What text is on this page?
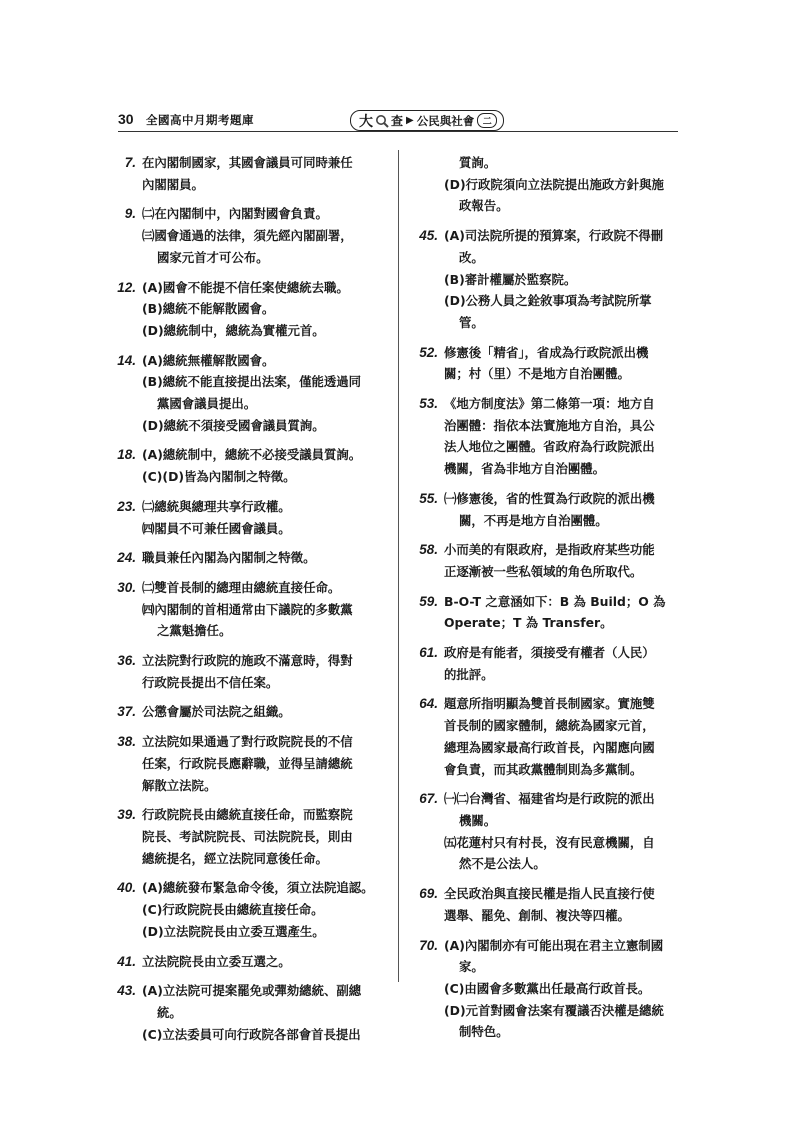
30 全國高中月期考題庫	大 查 ▶ 公民與社會 二
7. 在內閣制國家，其國會議員可同時兼任
內閣閣員。
9. ㈡在內閣制中，內閣對國會負責。
㈢國會通過的法律，須先經內閣副署，
國家元首才可公布。
12. (A)國會不能提不信任案使總統去職。
(B)總統不能解散國會。
(D)總統制中，總統為實權元首。
14. (A)總統無權解散國會。
(B)總統不能直接提出法案，僅能透過同
黨國會議員提出。
(D)總統不須接受國會議員質詢。
18. (A)總統制中，總統不必接受議員質詢。
(C)(D)皆為內閣制之特徵。
23. ㈡總統與總理共享行政權。
㈣閣員不可兼任國會議員。
24. 職員兼任內閣為內閣制之特徵。
30. ㈡雙首長制的總理由總統直接任命。
㈣內閣制的首相通常由下議院的多數黨
之黨魁擔任。
36. 立法院對行政院的施政不滿意時，得對
行政院長提出不信任案。
37. 公懲會屬於司法院之組織。
38. 立法院如果通過了對行政院院長的不信
任案，行政院長應辭職，並得呈請總統
解散立法院。
39. 行政院院長由總統直接任命，而監察院
院長、考試院院長、司法院院長，則由
總統提名，經立法院同意後任命。
40. (A)總統發布緊急命令後，須立法院追認。
(C)行政院院長由總統直接任命。
(D)立法院院長由立委互選產生。
41. 立法院院長由立委互選之。
43. (A)立法院可提案罷免或彈劾總統、副總
統。
(C)立法委員可向行政院各部會首長提出
質詢。
(D)行政院須向立法院提出施政方針與施
政報告。
45. (A)司法院所提的預算案，行政院不得刪
改。
(B)審計權屬於監察院。
(D)公務人員之銓敘事項為考試院所掌
管。
52. 修憲後「精省」，省成為行政院派出機
關；村（里）不是地方自治團體。
53. 《地方制度法》第二條第一項：地方自
治團體：指依本法實施地方自治，具公
法人地位之團體。省政府為行政院派出
機關，省為非地方自治團體。
55. ㈠修憲後，省的性質為行政院的派出機
關，不再是地方自治團體。
58. 小而美的有限政府，是指政府某些功能
正逐漸被一些私領域的角色所取代。
59. B-O-T 之意涵如下：B 為 Build；O 為
Operate；T 為 Transfer。
61. 政府是有能者，須接受有權者（人民）
的批評。
64. 題意所指明顯為雙首長制國家。實施雙
首長制的國家體制，總統為國家元首，
總理為國家最高行政首長，內閣應向國
會負責，而其政黨體制則為多黨制。
67. ㈠㈡台灣省、福建省均是行政院的派出
機關。
㈤花蓮村只有村長，沒有民意機關，自
然不是公法人。
69. 全民政治與直接民權是指人民直接行使
選舉、罷免、創制、複決等四權。
70. (A)內閣制亦有可能出現在君主立憲制國
家。
(C)由國會多數黨出任最高行政首長。
(D)元首對國會法案有覆議否決權是總統
制特色。
